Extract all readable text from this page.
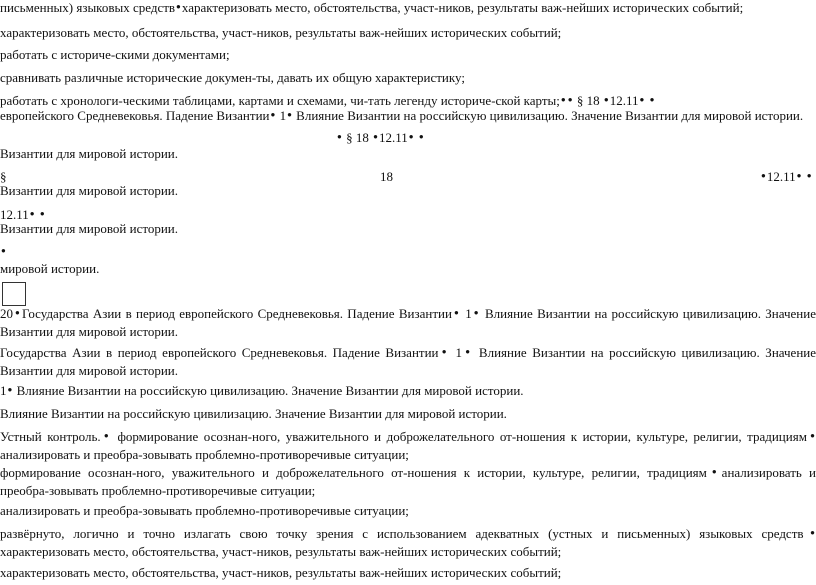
письменных) языковых средств ● характеризовать место, обстоятельства, участ-ников, результаты важ-нейших исторических событий;
характеризовать место, обстоятельства, участ-ников, результаты важ-нейших исторических событий;
работать с историче-скими документами;
сравнивать различные исторические докумен-ты, давать их общую характеристику;
работать с хронологи-ческими таблицами, картами и схемами, чи-тать легенду историче-ской карты; ● ● § 18 ● 12.11 ● ●
европейского Средневековья. Падение Византии ● 1 ● Влияние Византии на российскую цивилизацию. Значение Византии для мировой истории.
● § 18 ● 12.11 ● ●
Византии для мировой истории.
§	18 ●	12.11 ● ●
Византии для мировой истории.
12.11 ● ●
Византии для мировой истории.
●
мировой истории.
20 ● Государства Азии в период европейского Средневековья. Падение Византии ● 1 ● Влияние Византии на российскую цивилизацию. Значение Византии для мировой истории.
Государства Азии в период европейского Средневековья. Падение Византии ● 1 ● Влияние Византии на российскую цивилизацию. Значение Византии для мировой истории.
1 ● Влияние Византии на российскую цивилизацию. Значение Византии для мировой истории.
Влияние Византии на российскую цивилизацию. Значение Византии для мировой истории.
Устный контроль. ● формирование осознан-ного, уважительного и доброжелательного от-ношения к истории, культуре, религии, традициям ● анализировать и преобра-зовывать проблемно-противоречивые ситуации;
формирование осознан-ного, уважительного и доброжелательного от-ношения к истории, культуре, религии, традициям ● анализировать и преобра-зовывать проблемно-противоречивые ситуации;
анализировать и преобра-зовывать проблемно-противоречивые ситуации;
развёрнуто, логично и точно излагать свою точку зрения с использованием адекватных (устных и письменных) языковых средств ● характеризовать место, обстоятельства, участ-ников, результаты важ-нейших исторических событий;
характеризовать место, обстоятельства, участ-ников, результаты важ-нейших исторических событий;
